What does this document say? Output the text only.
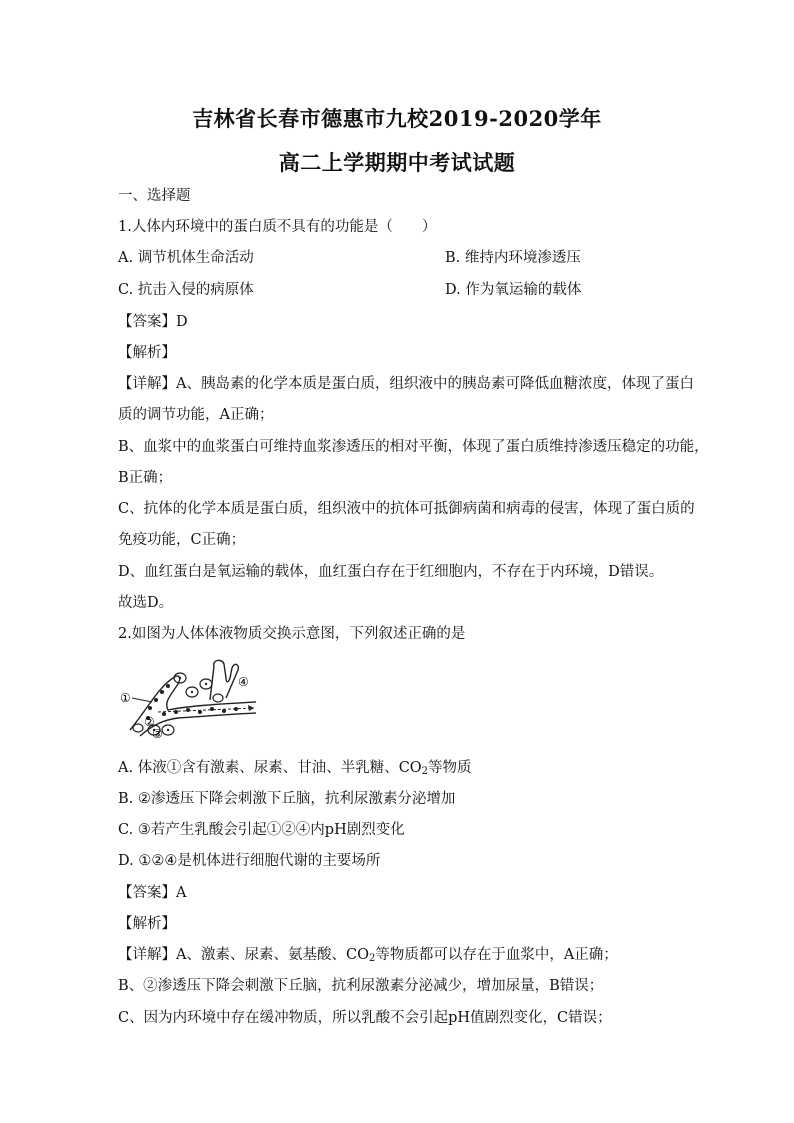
吉林省长春市德惠市九校2019-2020学年
高二上学期期中考试试题
一、选择题
1.人体内环境中的蛋白质不具有的功能是（　　）
A. 调节机体生命活动	B. 维持内环境渗透压
C. 抗击入侵的病原体	D. 作为氧运输的载体
【答案】D
【解析】
【详解】A、胰岛素的化学本质是蛋白质，组织液中的胰岛素可降低血糖浓度，体现了蛋白
质的调节功能，A正确；
B、血浆中的血浆蛋白可维持血浆渗透压的相对平衡，体现了蛋白质维持渗透压稳定的功能，
B正确；
C、抗体的化学本质是蛋白质，组织液中的抗体可抵御病菌和病毒的侵害，体现了蛋白质的
免疫功能，C正确；
D、血红蛋白是氧运输的载体，血红蛋白存在于红细胞内，不存在于内环境，D错误。
故选D。
2.如图为人体体液物质交换示意图，下列叙述正确的是
①
②
③
④
A. 体液①含有激素、尿素、甘油、半乳糖、$CO_2$等物质
B. ②渗透压下降会刺激下丘脑，抗利尿激素分泌增加
C. ③若产生乳酸会引起①②④内pH剧烈变化
D. ①②④是机体进行细胞代谢的主要场所
【答案】A
【解析】
【详解】A、激素、尿素、氨基酸、$CO_2$等物质都可以存在于血浆中，A正确；
B、②渗透压下降会刺激下丘脑，抗利尿激素分泌减少，增加尿量，B错误；
C、因为内环境中存在缓冲物质，所以乳酸不会引起pH值剧烈变化，C错误；
